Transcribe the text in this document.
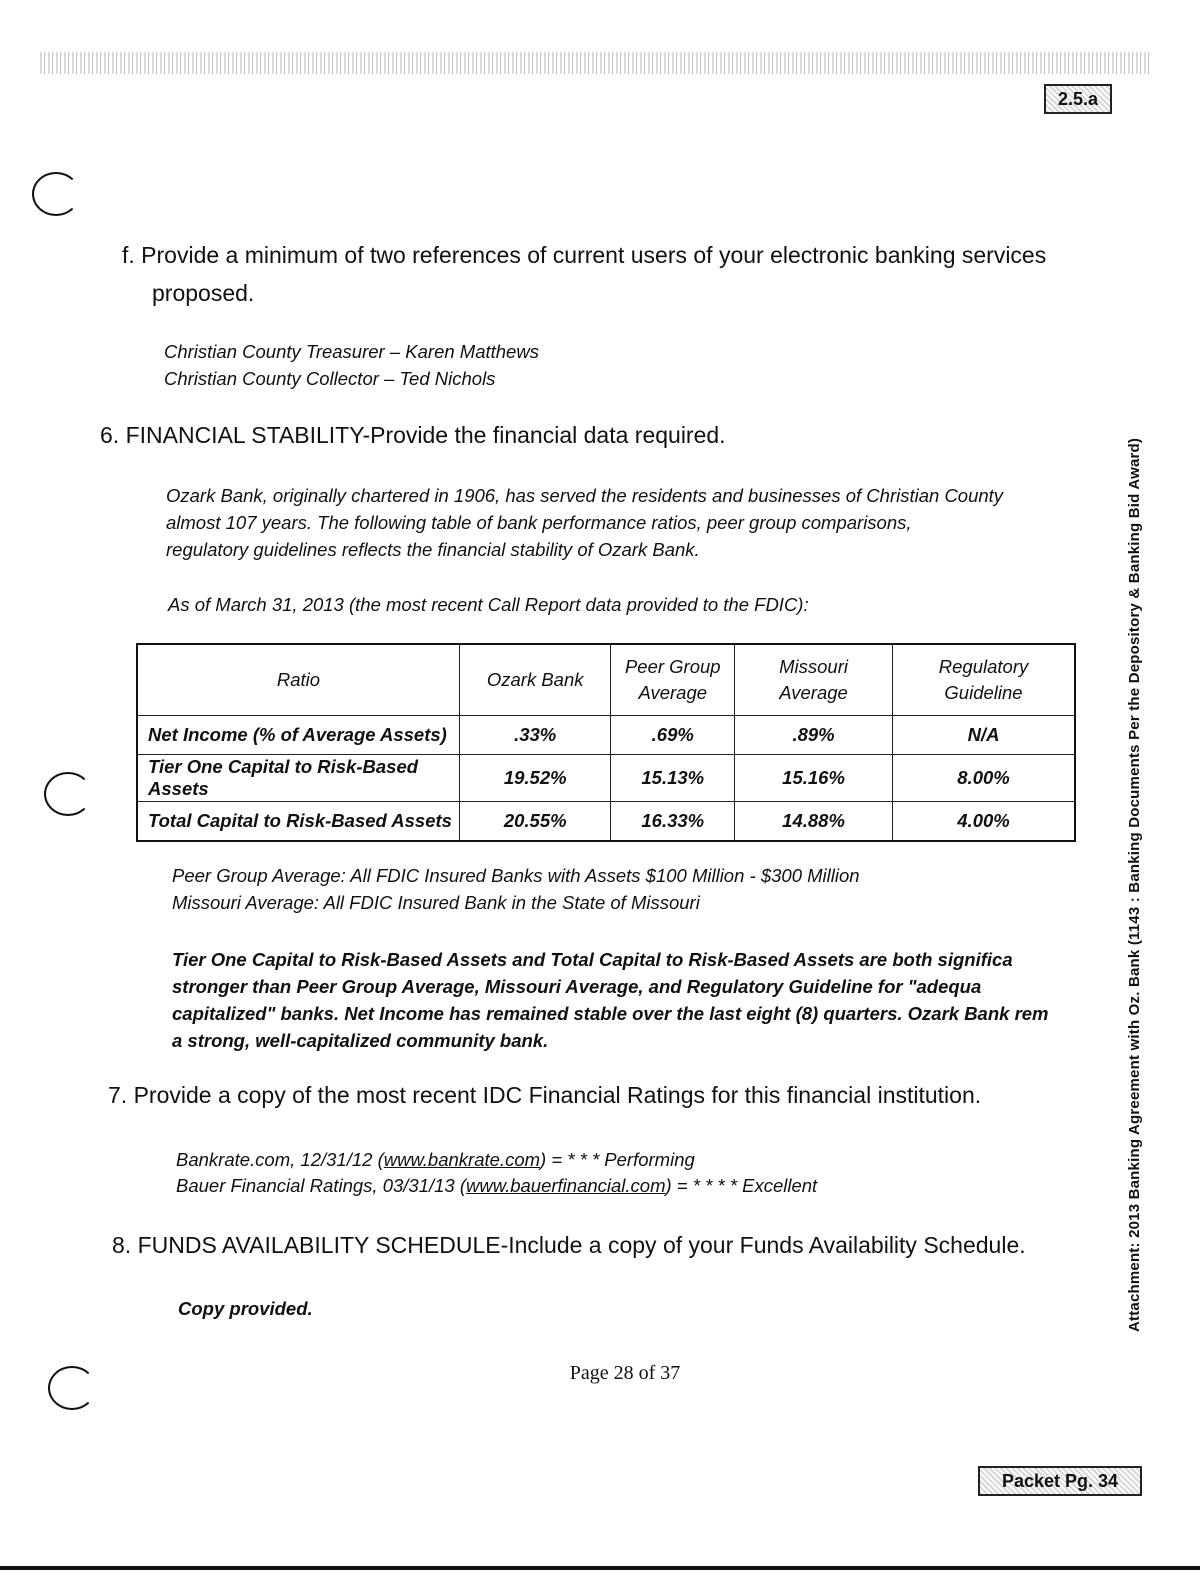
2.5.a
Attachment: 2013 Banking Agreement with Oz. Bank (1143 : Banking Documents Per the Depository & Banking Bid Award)
f. Provide a minimum of two references of current users of your electronic banking services
proposed.
Christian County Treasurer – Karen Matthews
Christian County Collector – Ted Nichols
6. FINANCIAL STABILITY-Provide the financial data required.
Ozark Bank, originally chartered in 1906, has served the residents and businesses of Christian County
almost 107 years. The following table of bank performance ratios, peer group comparisons,
regulatory guidelines reflects the financial stability of Ozark Bank.
As of March 31, 2013 (the most recent Call Report data provided to the FDIC):
Ratio	Ozark Bank	Peer Group Average	Missouri Average	Regulatory Guideline
Net Income (% of Average Assets)	.33%	.69%	.89%	N/A
Tier One Capital to Risk-Based Assets	19.52%	15.13%	15.16%	8.00%
Total Capital to Risk-Based Assets	20.55%	16.33%	14.88%	4.00%
Peer Group Average: All FDIC Insured Banks with Assets $100 Million - $300 Million
Missouri Average: All FDIC Insured Bank in the State of Missouri
Tier One Capital to Risk-Based Assets and Total Capital to Risk-Based Assets are both significa
stronger than Peer Group Average, Missouri Average, and Regulatory Guideline for "adequa
capitalized" banks. Net Income has remained stable over the last eight (8) quarters. Ozark Bank rem
a strong, well-capitalized community bank.
7. Provide a copy of the most recent IDC Financial Ratings for this financial institution.
Bankrate.com, 12/31/12 (www.bankrate.com) = * * * Performing
Bauer Financial Ratings, 03/31/13 (www.bauerfinancial.com) = * * * * Excellent
8. FUNDS AVAILABILITY SCHEDULE-Include a copy of your Funds Availability Schedule.
Copy provided.
Page 28 of 37
Packet Pg. 34
